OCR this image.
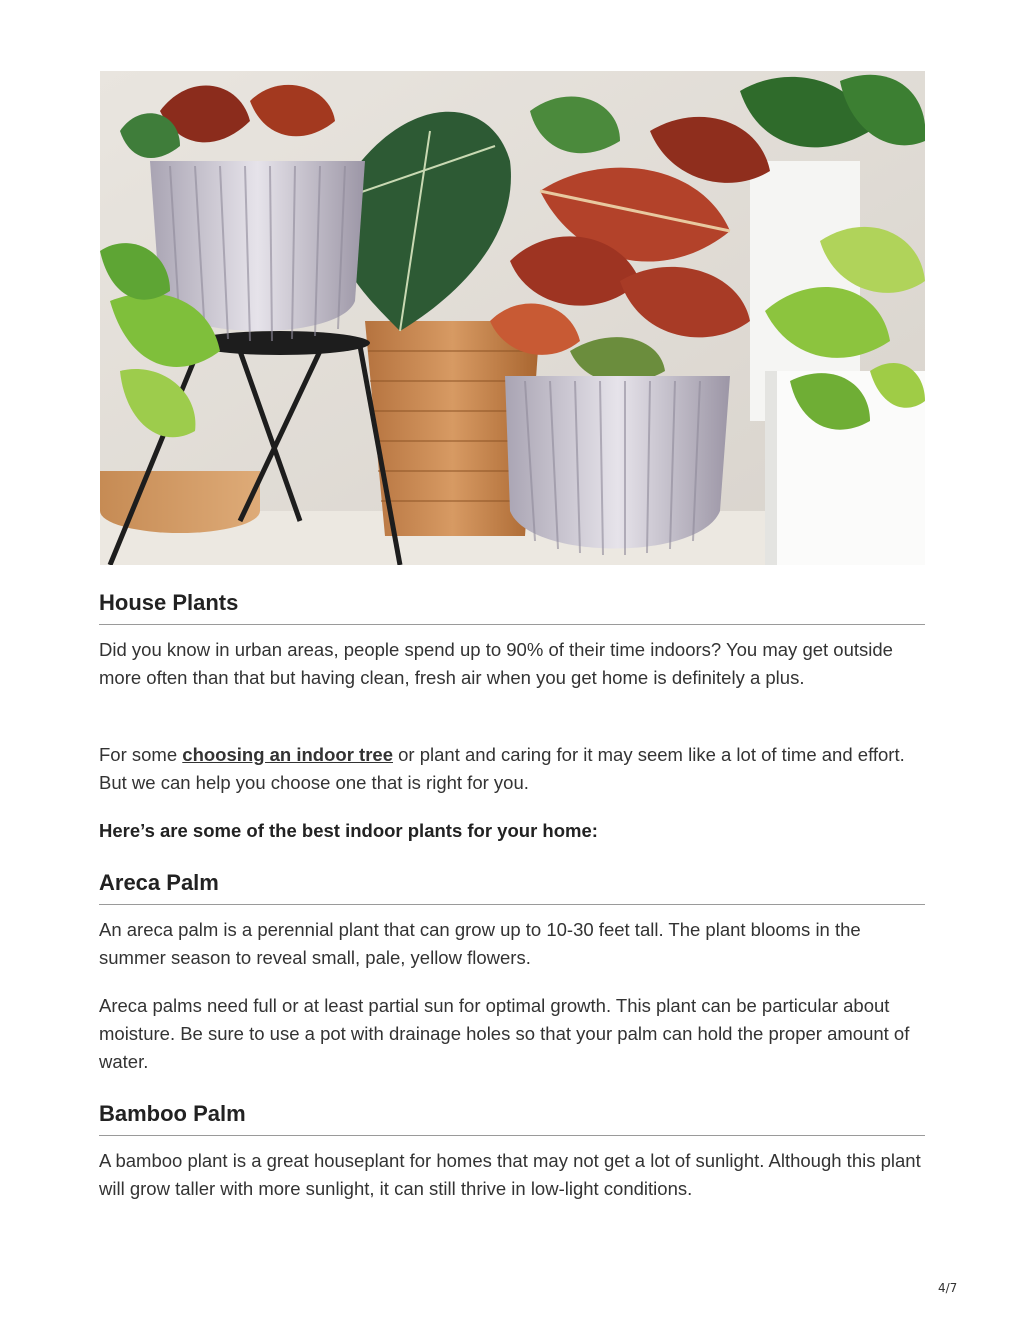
House Plants

Did you know in urban areas, people spend up to 90% of their time indoors? You may get outside more often than that but having clean, fresh air when you get home is definitely a plus.

For some choosing an indoor tree or plant and caring for it may seem like a lot of time and effort. But we can help you choose one that is right for you.

Here’s are some of the best indoor plants for your home:

Areca Palm

An areca palm is a perennial plant that can grow up to 10-30 feet tall. The plant blooms in the summer season to reveal small, pale, yellow flowers.

Areca palms need full or at least partial sun for optimal growth. This plant can be particular about moisture. Be sure to use a pot with drainage holes so that your palm can hold the proper amount of water.

Bamboo Palm

A bamboo plant is a great houseplant for homes that may not get a lot of sunlight. Although this plant will grow taller with more sunlight, it can still thrive in low-light conditions.

4/7
